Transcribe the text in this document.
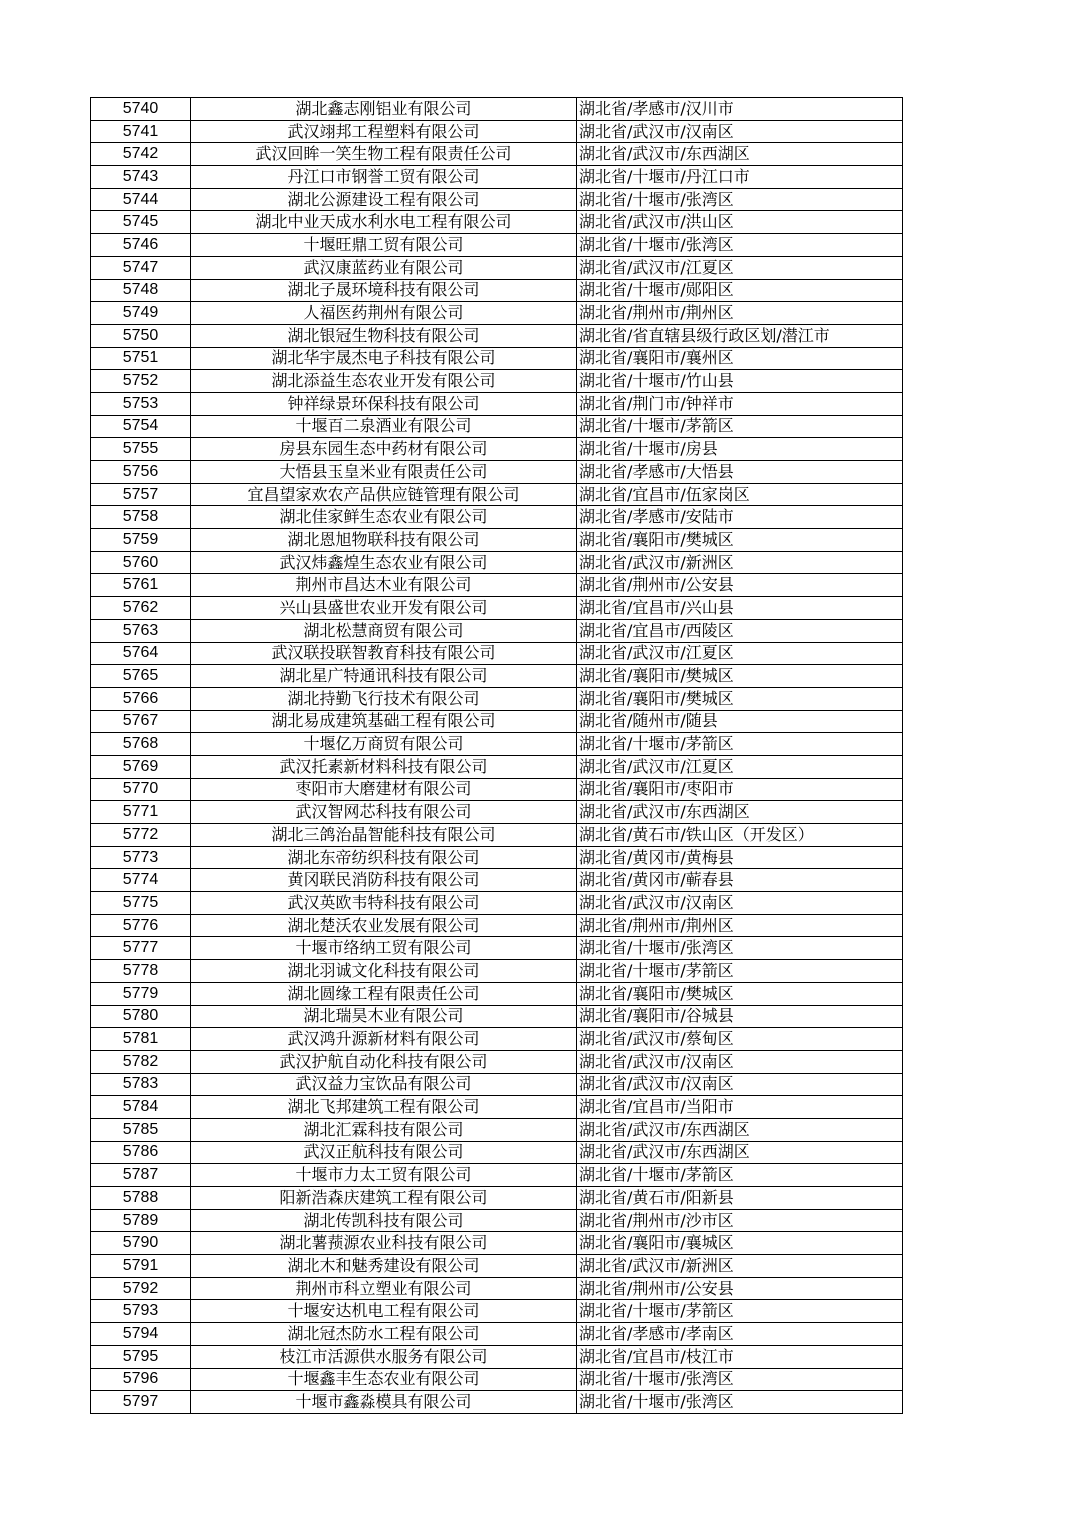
5740	湖北鑫志刚铝业有限公司	湖北省/孝感市/汉川市
5741	武汉翊邦工程塑料有限公司	湖北省/武汉市/汉南区
5742	武汉回眸一笑生物工程有限责任公司	湖北省/武汉市/东西湖区
5743	丹江口市钢誉工贸有限公司	湖北省/十堰市/丹江口市
5744	湖北公源建设工程有限公司	湖北省/十堰市/张湾区
5745	湖北中业天成水利水电工程有限公司	湖北省/武汉市/洪山区
5746	十堰旺鼎工贸有限公司	湖北省/十堰市/张湾区
5747	武汉康蓝药业有限公司	湖北省/武汉市/江夏区
5748	湖北子晟环境科技有限公司	湖北省/十堰市/郧阳区
5749	人福医药荆州有限公司	湖北省/荆州市/荆州区
5750	湖北银冠生物科技有限公司	湖北省/省直辖县级行政区划/潜江市
5751	湖北华宇晟杰电子科技有限公司	湖北省/襄阳市/襄州区
5752	湖北添益生态农业开发有限公司	湖北省/十堰市/竹山县
5753	钟祥绿景环保科技有限公司	湖北省/荆门市/钟祥市
5754	十堰百二泉酒业有限公司	湖北省/十堰市/茅箭区
5755	房县东园生态中药材有限公司	湖北省/十堰市/房县
5756	大悟县玉皇米业有限责任公司	湖北省/孝感市/大悟县
5757	宜昌望家欢农产品供应链管理有限公司	湖北省/宜昌市/伍家岗区
5758	湖北佳家鲜生态农业有限公司	湖北省/孝感市/安陆市
5759	湖北恩旭物联科技有限公司	湖北省/襄阳市/樊城区
5760	武汉炜鑫煌生态农业有限公司	湖北省/武汉市/新洲区
5761	荆州市昌达木业有限公司	湖北省/荆州市/公安县
5762	兴山县盛世农业开发有限公司	湖北省/宜昌市/兴山县
5763	湖北松慧商贸有限公司	湖北省/宜昌市/西陵区
5764	武汉联投联智教育科技有限公司	湖北省/武汉市/江夏区
5765	湖北星广特通讯科技有限公司	湖北省/襄阳市/樊城区
5766	湖北持勤飞行技术有限公司	湖北省/襄阳市/樊城区
5767	湖北易成建筑基础工程有限公司	湖北省/随州市/随县
5768	十堰亿万商贸有限公司	湖北省/十堰市/茅箭区
5769	武汉托素新材料科技有限公司	湖北省/武汉市/江夏区
5770	枣阳市大磨建材有限公司	湖北省/襄阳市/枣阳市
5771	武汉智网芯科技有限公司	湖北省/武汉市/东西湖区
5772	湖北三鸽治晶智能科技有限公司	湖北省/黄石市/铁山区（开发区）
5773	湖北东帝纺织科技有限公司	湖北省/黄冈市/黄梅县
5774	黄冈联民消防科技有限公司	湖北省/黄冈市/蕲春县
5775	武汉英欧韦特科技有限公司	湖北省/武汉市/汉南区
5776	湖北楚沃农业发展有限公司	湖北省/荆州市/荆州区
5777	十堰市络纳工贸有限公司	湖北省/十堰市/张湾区
5778	湖北羽诚文化科技有限公司	湖北省/十堰市/茅箭区
5779	湖北圆缘工程有限责任公司	湖北省/襄阳市/樊城区
5780	湖北瑞昊木业有限公司	湖北省/襄阳市/谷城县
5781	武汉鸿升源新材料有限公司	湖北省/武汉市/蔡甸区
5782	武汉护航自动化科技有限公司	湖北省/武汉市/汉南区
5783	武汉益力宝饮品有限公司	湖北省/武汉市/汉南区
5784	湖北飞邦建筑工程有限公司	湖北省/宜昌市/当阳市
5785	湖北汇霖科技有限公司	湖北省/武汉市/东西湖区
5786	武汉正航科技有限公司	湖北省/武汉市/东西湖区
5787	十堰市力太工贸有限公司	湖北省/十堰市/茅箭区
5788	阳新浩森庆建筑工程有限公司	湖北省/黄石市/阳新县
5789	湖北传凯科技有限公司	湖北省/荆州市/沙市区
5790	湖北薯蓣源农业科技有限公司	湖北省/襄阳市/襄城区
5791	湖北木和魅秀建设有限公司	湖北省/武汉市/新洲区
5792	荆州市科立塑业有限公司	湖北省/荆州市/公安县
5793	十堰安达机电工程有限公司	湖北省/十堰市/茅箭区
5794	湖北冠杰防水工程有限公司	湖北省/孝感市/孝南区
5795	枝江市活源供水服务有限公司	湖北省/宜昌市/枝江市
5796	十堰鑫丰生态农业有限公司	湖北省/十堰市/张湾区
5797	十堰市鑫淼模具有限公司	湖北省/十堰市/张湾区
